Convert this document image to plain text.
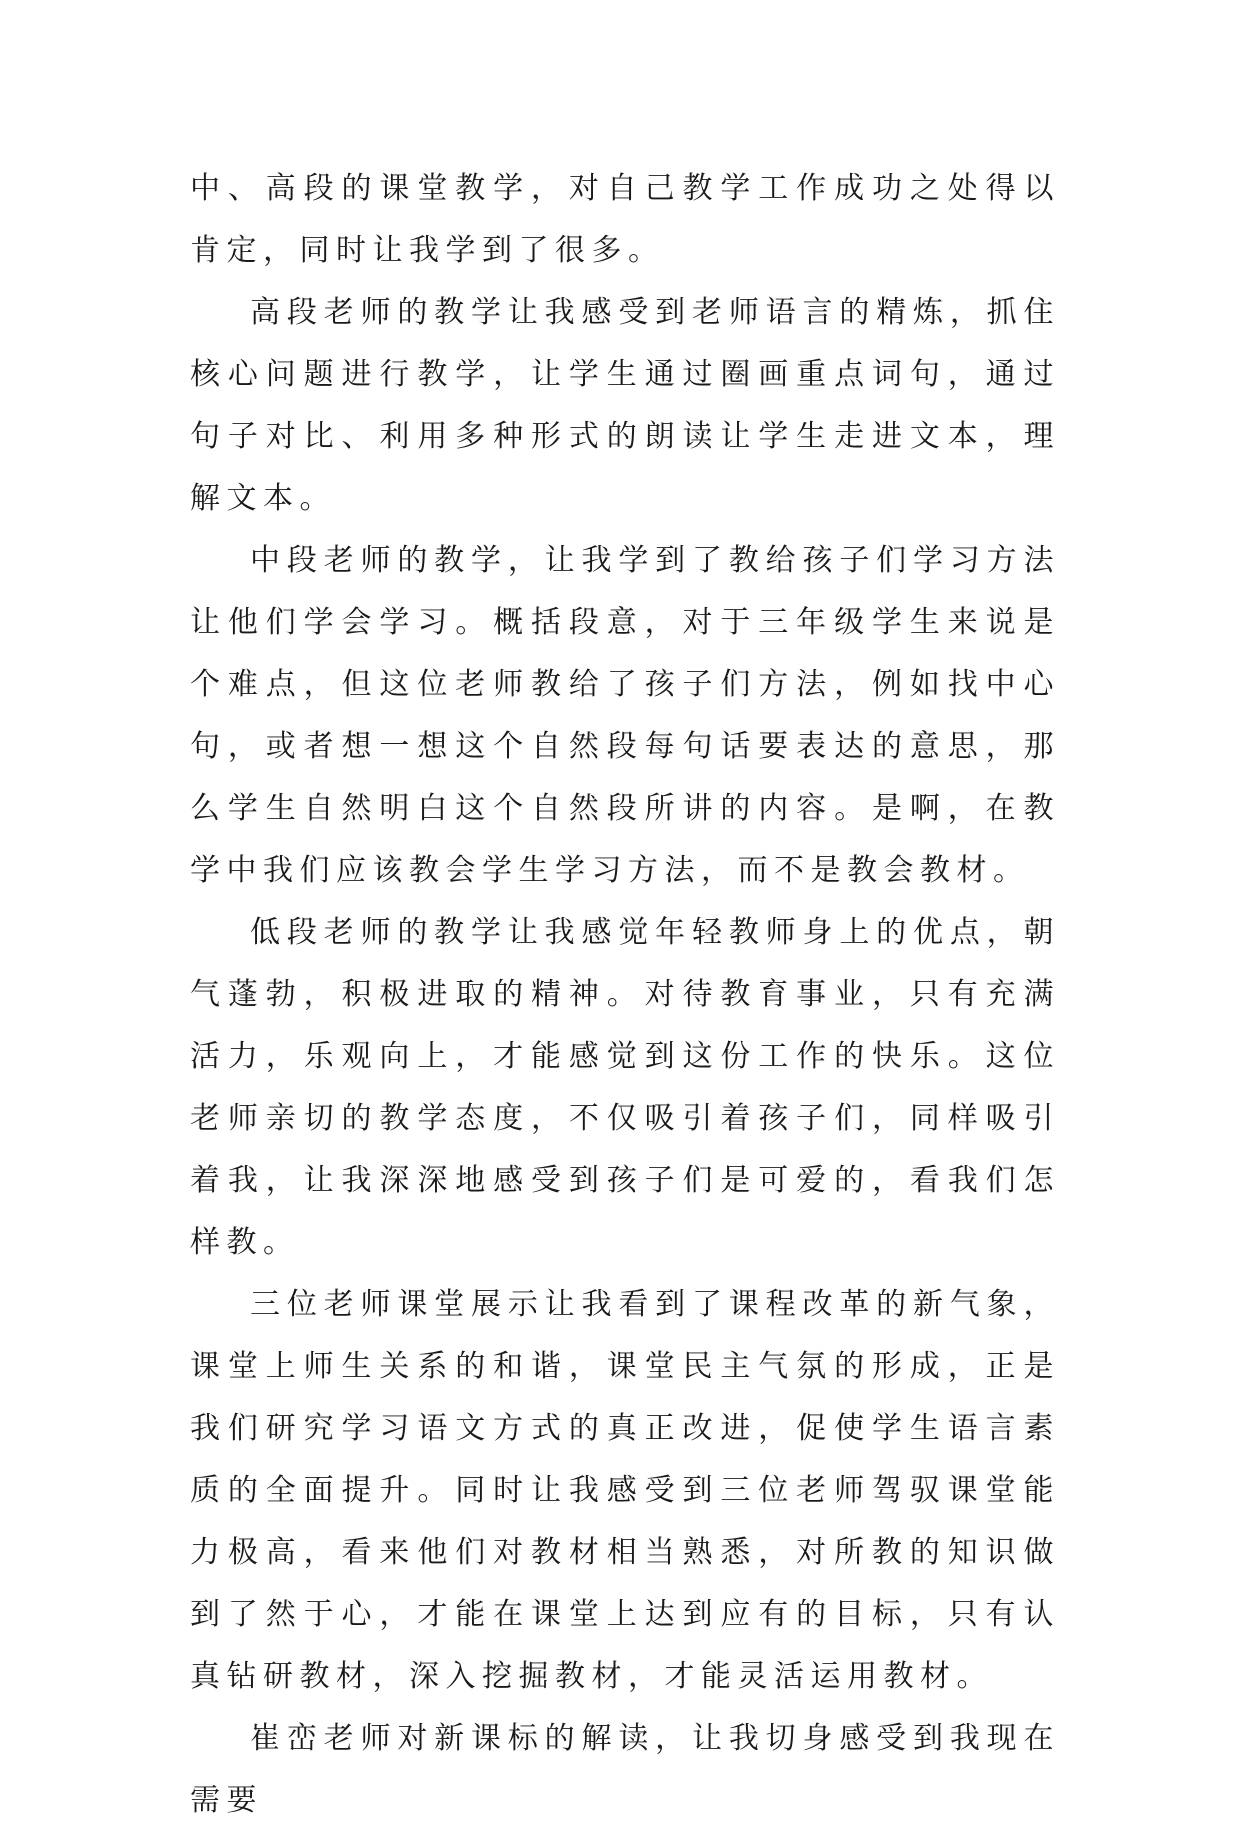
中、高段的课堂教学，对自己教学工作成功之处得以肯定，同时让我学到了很多。

高段老师的教学让我感受到老师语言的精炼，抓住核心问题进行教学，让学生通过圈画重点词句，通过句子对比、利用多种形式的朗读让学生走进文本，理解文本。

中段老师的教学，让我学到了教给孩子们学习方法让他们学会学习。概括段意，对于三年级学生来说是个难点，但这位老师教给了孩子们方法，例如找中心句，或者想一想这个自然段每句话要表达的意思，那么学生自然明白这个自然段所讲的内容。是啊，在教学中我们应该教会学生学习方法，而不是教会教材。

低段老师的教学让我感觉年轻教师身上的优点，朝气蓬勃，积极进取的精神。对待教育事业，只有充满活力，乐观向上，才能感觉到这份工作的快乐。这位老师亲切的教学态度，不仅吸引着孩子们，同样吸引着我，让我深深地感受到孩子们是可爱的，看我们怎样教。

三位老师课堂展示让我看到了课程改革的新气象，课堂上师生关系的和谐，课堂民主气氛的形成，正是我们研究学习语文方式的真正改进，促使学生语言素质的全面提升。同时让我感受到三位老师驾驭课堂能力极高，看来他们对教材相当熟悉，对所教的知识做到了然于心，才能在课堂上达到应有的目标，只有认真钻研教材，深入挖掘教材，才能灵活运用教材。

崔峦老师对新课标的解读，让我切身感受到我现在需要
